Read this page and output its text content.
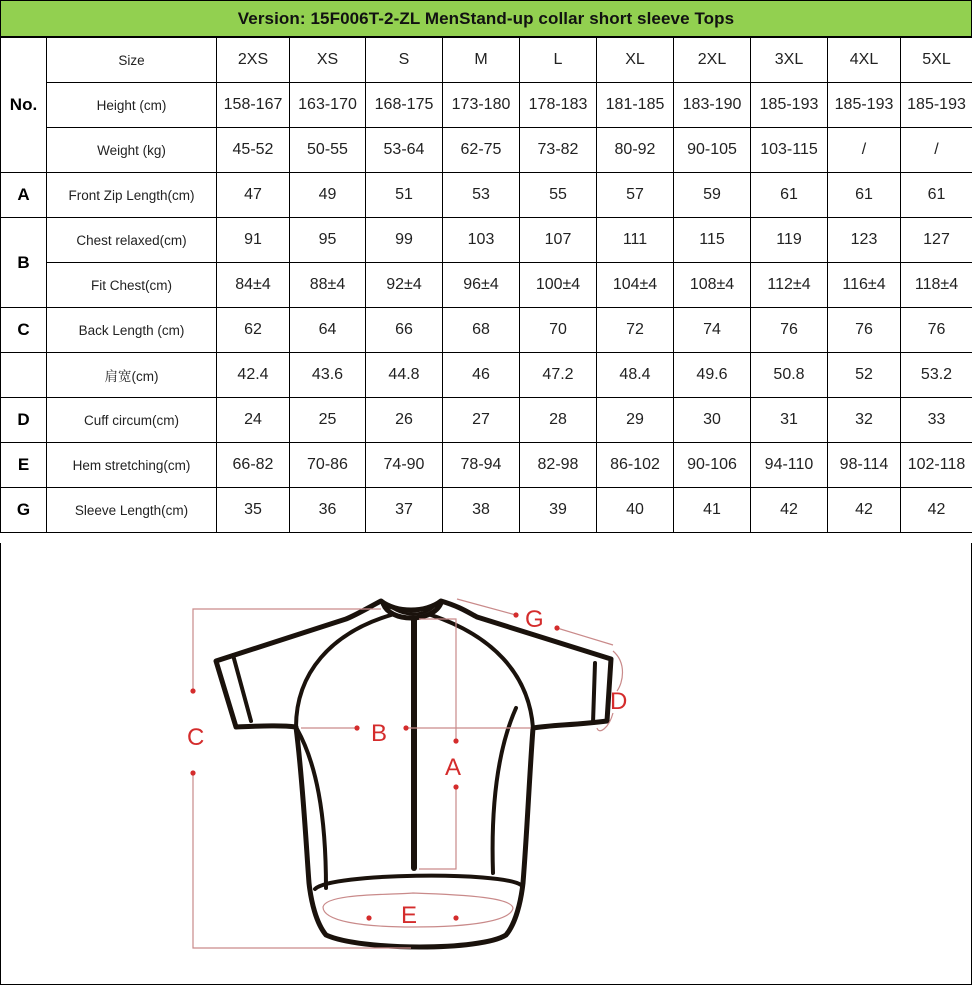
Version: 15F006T-2-ZL MenStand-up collar short sleeve Tops
No.	Size	2XS	XS	S	M	L	XL	2XL	3XL	4XL	5XL
	Height (cm)	158-167	163-170	168-175	173-180	178-183	181-185	183-190	185-193	185-193	185-193
	Weight (kg)	45-52	50-55	53-64	62-75	73-82	80-92	90-105	103-115	/	/
A	Front Zip Length(cm)	47	49	51	53	55	57	59	61	61	61
B	Chest relaxed(cm)	91	95	99	103	107	111	115	119	123	127
	Fit Chest(cm)	84±4	88±4	92±4	96±4	100±4	104±4	108±4	112±4	116±4	118±4
C	Back Length (cm)	62	64	66	68	70	72	74	76	76	76
	肩宽(cm)	42.4	43.6	44.8	46	47.2	48.4	49.6	50.8	52	53.2
D	Cuff circum(cm)	24	25	26	27	28	29	30	31	32	33
E	Hem stretching(cm)	66-82	70-86	74-90	78-94	82-98	86-102	90-106	94-110	98-114	102-118
G	Sleeve Length(cm)	35	36	37	38	39	40	41	42	42	42
C	B
A
G
D
E
